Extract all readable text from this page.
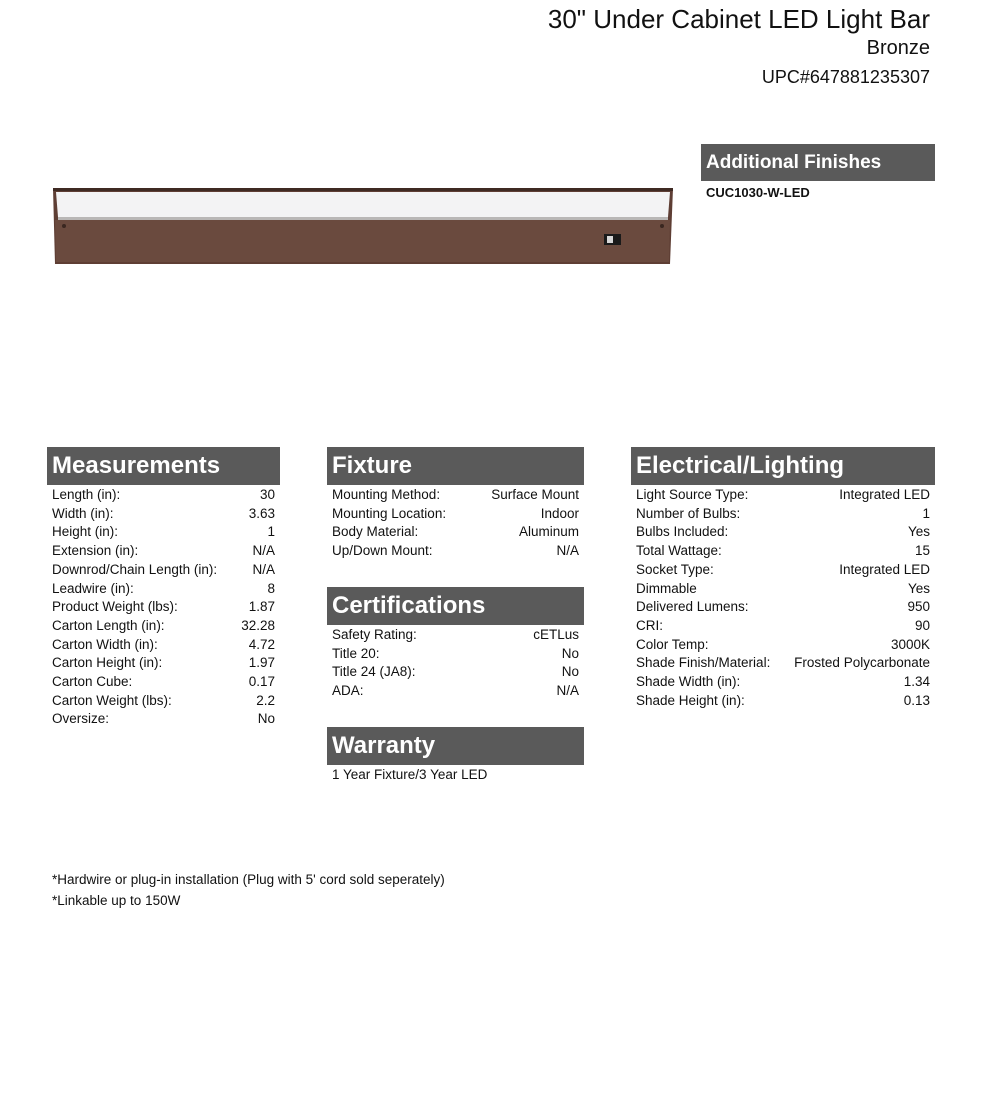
30" Under Cabinet LED Light Bar
Bronze
UPC#647881235307
Additional Finishes
CUC1030-W-LED
Measurements
Length (in):	30
Width (in):	3.63
Height (in):	1
Extension (in):	N/A
Downrod/Chain Length (in):	N/A
Leadwire (in):	8
Product Weight (lbs):	1.87
Carton Length (in):	32.28
Carton Width (in):	4.72
Carton Height (in):	1.97
Carton Cube:	0.17
Carton Weight (lbs):	2.2
Oversize:	No
Fixture
Mounting Method:	Surface Mount
Mounting Location:	Indoor
Body Material:	Aluminum
Up/Down Mount:	N/A
Certifications
Safety Rating:	cETLus
Title 20:	No
Title 24 (JA8):	No
ADA:	N/A
Warranty
1 Year Fixture/3 Year LED
Electrical/Lighting
Light Source Type:	Integrated LED
Number of Bulbs:	1
Bulbs Included:	Yes
Total Wattage:	15
Socket Type:	Integrated LED
Dimmable	Yes
Delivered Lumens:	950
CRI:	90
Color Temp:	3000K
Shade Finish/Material: Frosted Polycarbonate
Shade Width (in):	1.34
Shade Height (in):	0.13
*Hardwire or plug-in installation (Plug with 5' cord sold seperately)
*Linkable up to 150W
